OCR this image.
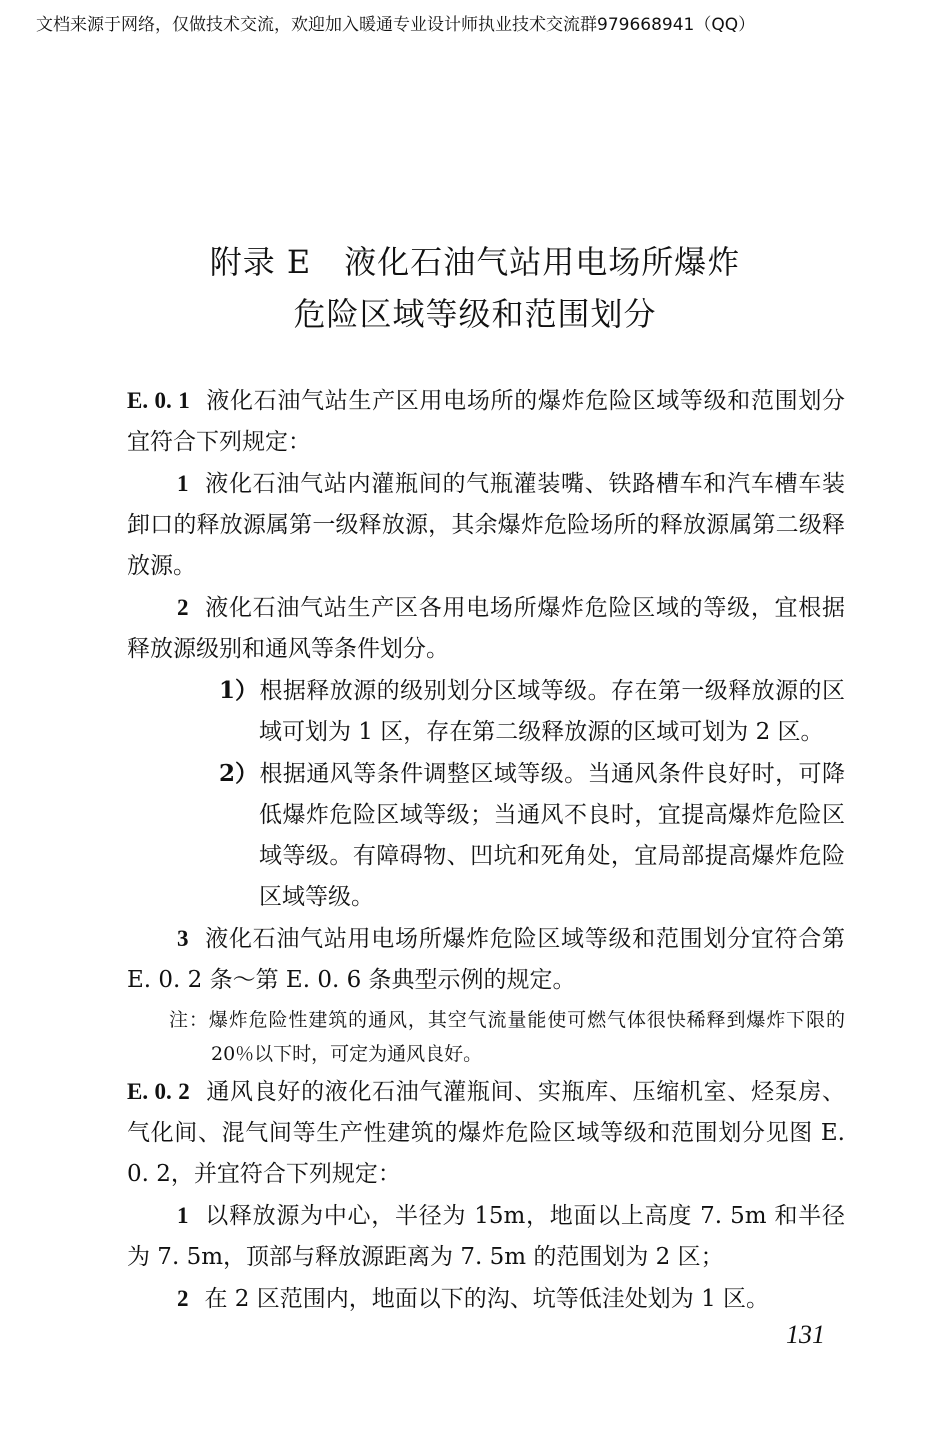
文档来源于网络，仅做技术交流，欢迎加入暖通专业设计师执业技术交流群979668941（QQ）
附录 E　液化石油气站用电场所爆炸
危险区域等级和范围划分

E. 0. 1 液化石油气站生产区用电场所的爆炸危险区域等级和范围划分宜符合下列规定：

1 液化石油气站内灌瓶间的气瓶灌装嘴、铁路槽车和汽车槽车装卸口的释放源属第一级释放源，其余爆炸危险场所的释放源属第二级释放源。

2 液化石油气站生产区各用电场所爆炸危险区域的等级，宜根据释放源级别和通风等条件划分。

1）根据释放源的级别划分区域等级。存在第一级释放源的区域可划为 1 区，存在第二级释放源的区域可划为 2 区。

2）根据通风等条件调整区域等级。当通风条件良好时，可降低爆炸危险区域等级；当通风不良时，宜提高爆炸危险区域等级。有障碍物、凹坑和死角处，宜局部提高爆炸危险区域等级。

3 液化石油气站用电场所爆炸危险区域等级和范围划分宜符合第 E. 0. 2 条～第 E. 0. 6 条典型示例的规定。

注：爆炸危险性建筑的通风，其空气流量能使可燃气体很快稀释到爆炸下限的 20％以下时，可定为通风良好。

E. 0. 2 通风良好的液化石油气灌瓶间、实瓶库、压缩机室、烃泵房、气化间、混气间等生产性建筑的爆炸危险区域等级和范围划分见图 E. 0. 2，并宜符合下列规定：

1 以释放源为中心，半径为 15m，地面以上高度 7. 5m 和半径为 7. 5m，顶部与释放源距离为 7. 5m 的范围划为 2 区；

2 在 2 区范围内，地面以下的沟、坑等低洼处划为 1 区。

131
